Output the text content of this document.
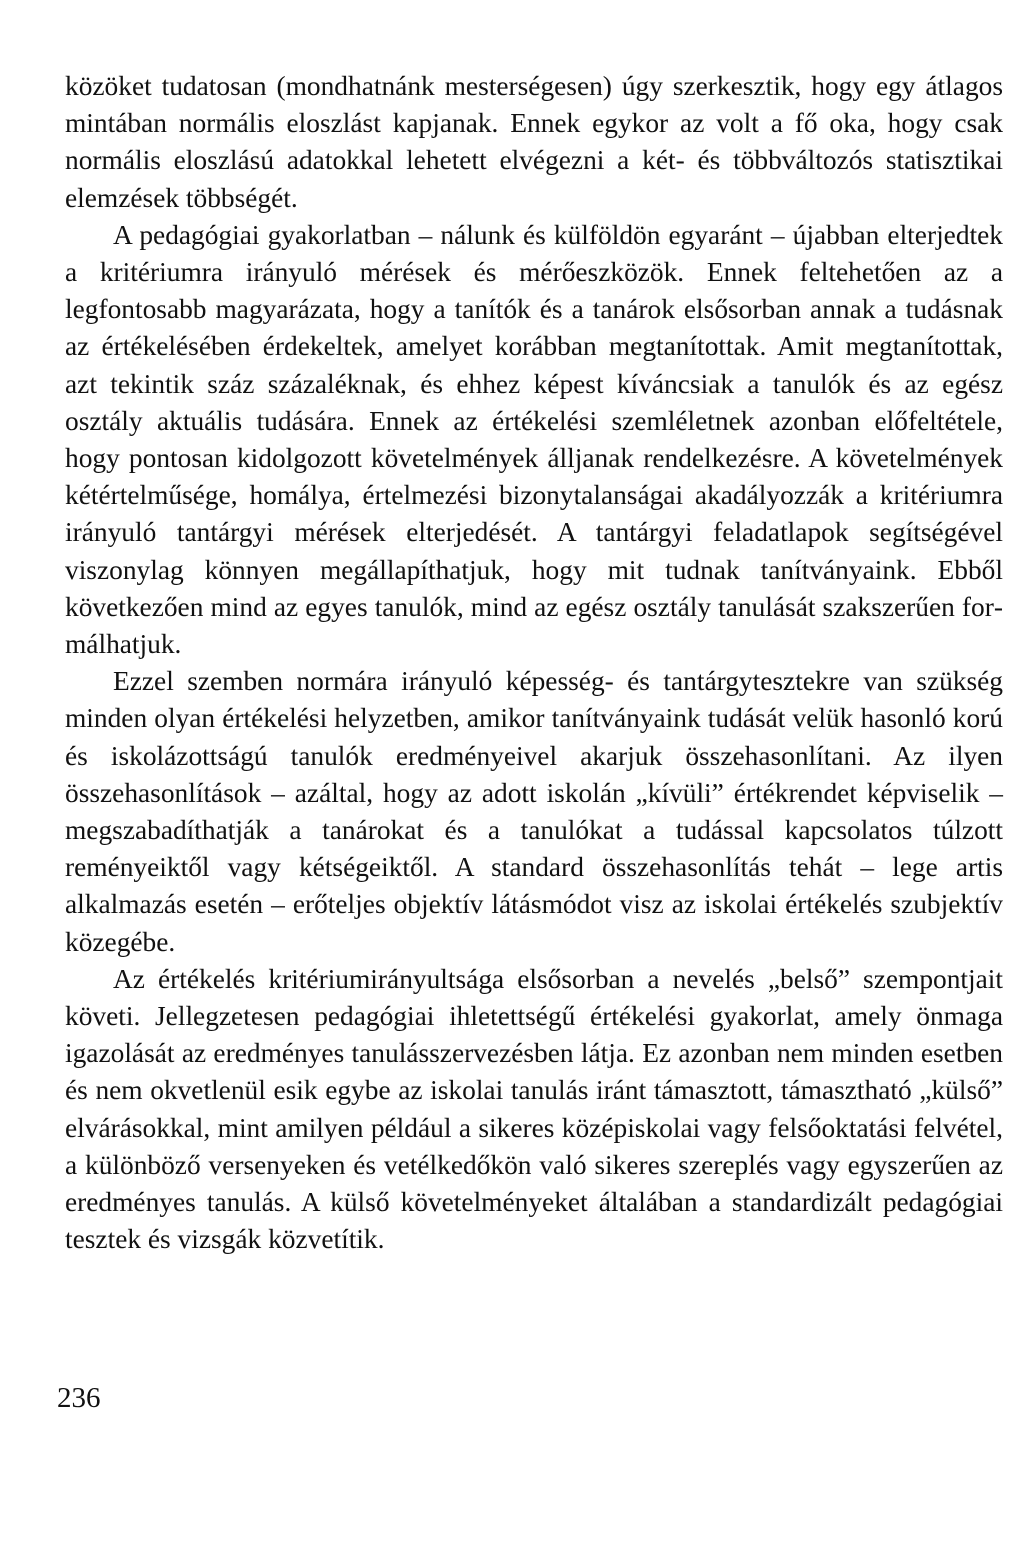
közöket tudatosan (mondhatnánk mesterségesen) úgy szerkesztik, hogy egy átlagos mintában normális eloszlást kapjanak. Ennek egykor az volt a fő oka, hogy csak normális eloszlású adatokkal lehetett elvégezni a két- és többváltozós statisztikai elemzések többségét.

A pedagógiai gyakorlatban – nálunk és külföldön egyaránt – újabban elterjedtek a kritériumra irányuló mérések és mérőeszközök. Ennek feltehetően az a legfontosabb magyarázata, hogy a tanítók és a tanárok elsősorban annak a tudásnak az értékelésében érdekeltek, amelyet korábban megtanítottak. Amit megtanítottak, azt tekintik száz százaléknak, és ehhez képest kíváncsiak a tanulók és az egész osztály aktuális tudására. Ennek az értékelési szemléletnek azonban előfeltétele, hogy pontosan kidolgozott követelmények álljanak rendelkezésre. A követelmények kétértelműsége, homálya, értelmezési bizonytalanságai akadályozzák a kritériumra irányuló tantárgyi mérések elterjedését. A tantárgyi feladatlapok segítségével viszonylag könnyen megállapíthatjuk, hogy mit tudnak tanítványaink. Ebből következően mind az egyes tanulók, mind az egész osztály tanulását szakszerűen formálhatjuk.

Ezzel szemben normára irányuló képesség- és tantárgytesztekre van szükség minden olyan értékelési helyzetben, amikor tanítványaink tudását velük hasonló korú és iskolázottságú tanulók eredményeivel akarjuk összehasonlítani. Az ilyen összehasonlítások – azáltal, hogy az adott iskolán „kívüli” értékrendet képviselik – megszabadíthatják a tanárokat és a tanulókat a tudással kapcsolatos túlzott reményeiktől vagy kétségeiktől. A standard összehasonlítás tehát – lege artis alkalmazás esetén – erőteljes objektív látásmódot visz az iskolai értékelés szubjektív közegébe.

Az értékelés kritériumirányultsága elsősorban a nevelés „belső” szempontjait követi. Jellegzetesen pedagógiai ihletettségű értékelési gyakorlat, amely önmaga igazolását az eredményes tanulásszervezésben látja. Ez azonban nem minden esetben és nem okvetlenül esik egybe az iskolai tanulás iránt támasztott, támasztható „külső” elvárásokkal, mint amilyen például a sikeres középiskolai vagy felsőoktatási felvétel, a különböző versenyeken és vetélkedőkön való sikeres szereplés vagy egyszerűen az eredményes tanulás. A külső követelményeket általában a standardizált pedagógiai tesztek és vizsgák közvetítik.

236
